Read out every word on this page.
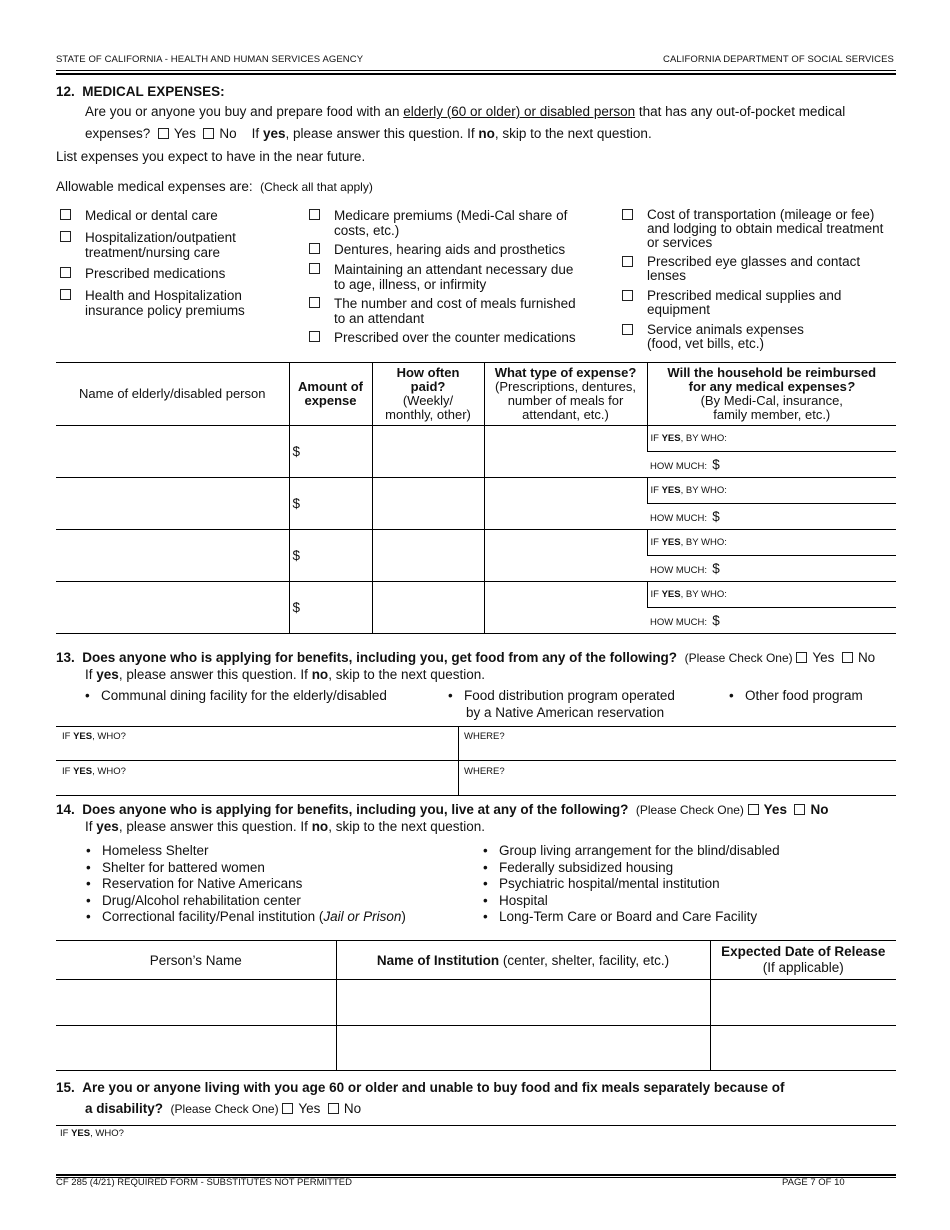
STATE OF CALIFORNIA - HEALTH AND HUMAN SERVICES AGENCY	CALIFORNIA DEPARTMENT OF SOCIAL SERVICES
12. MEDICAL EXPENSES:
Are you or anyone you buy and prepare food with an elderly (60 or older) or disabled person that has any out-of-pocket medical
expenses? Yes No If yes, please answer this question. If no, skip to the next question.
List expenses you expect to have in the near future.
Allowable medical expenses are: (Check all that apply)
Medical or dental care
Hospitalization/outpatient
treatment/nursing care
Prescribed medications
Health and Hospitalization
insurance policy premiums
Medicare premiums (Medi-Cal share of
costs, etc.)
Dentures, hearing aids and prosthetics
Maintaining an attendant necessary due
to age, illness, or infirmity
The number and cost of meals furnished
to an attendant
Prescribed over the counter medications
Cost of transportation (mileage or fee)
and lodging to obtain medical treatment
or services
Prescribed eye glasses and contact
lenses
Prescribed medical supplies and
equipment
Service animals expenses
(food, vet bills, etc.)
Name of elderly/disabled person	Amount of
expense	How often
paid?
(Weekly/
monthly, other)	What type of expense?
(Prescriptions, dentures,
number of meals for
attendant, etc.)	Will the household be reimbursed
for any medical expenses?
(By Medi-Cal, insurance,
family member, etc.)
	$			IF YES, BY WHO:
				HOW MUCH: $
	$			IF YES, BY WHO:
				HOW MUCH: $
	$			IF YES, BY WHO:
				HOW MUCH: $
	$			IF YES, BY WHO:
				HOW MUCH: $
13. Does anyone who is applying for benefits, including you, get food from any of the following? (Please Check One) Yes No
If yes, please answer this question. If no, skip to the next question.
•   Communal dining facility for the elderly/disabled	•   Food distribution program operated
by a Native American reservation
•   Other food program
IF YES, WHO?	WHERE?
IF YES, WHO?	WHERE?
14. Does anyone who is applying for benefits, including you, live at any of the following? (Please Check One) Yes No
If yes, please answer this question. If no, skip to the next question.
• Homeless Shelter
• Shelter for battered women
• Reservation for Native Americans
• Drug/Alcohol rehabilitation center
• Correctional facility/Penal institution (Jail or Prison)
• Group living arrangement for the blind/disabled
• Federally subsidized housing
• Psychiatric hospital/mental institution
• Hospital
• Long-Term Care or Board and Care Facility
Person’s Name	Name of Institution (center, shelter, facility, etc.)	Expected Date of Release
(If applicable)

15. Are you or anyone living with you age 60 or older and unable to buy food and fix meals separately because of
a disability? (Please Check One) Yes No
IF YES, WHO?
CF 285 (4/21) REQUIRED FORM - SUBSTITUTES NOT PERMITTED	PAGE 7 OF 10
